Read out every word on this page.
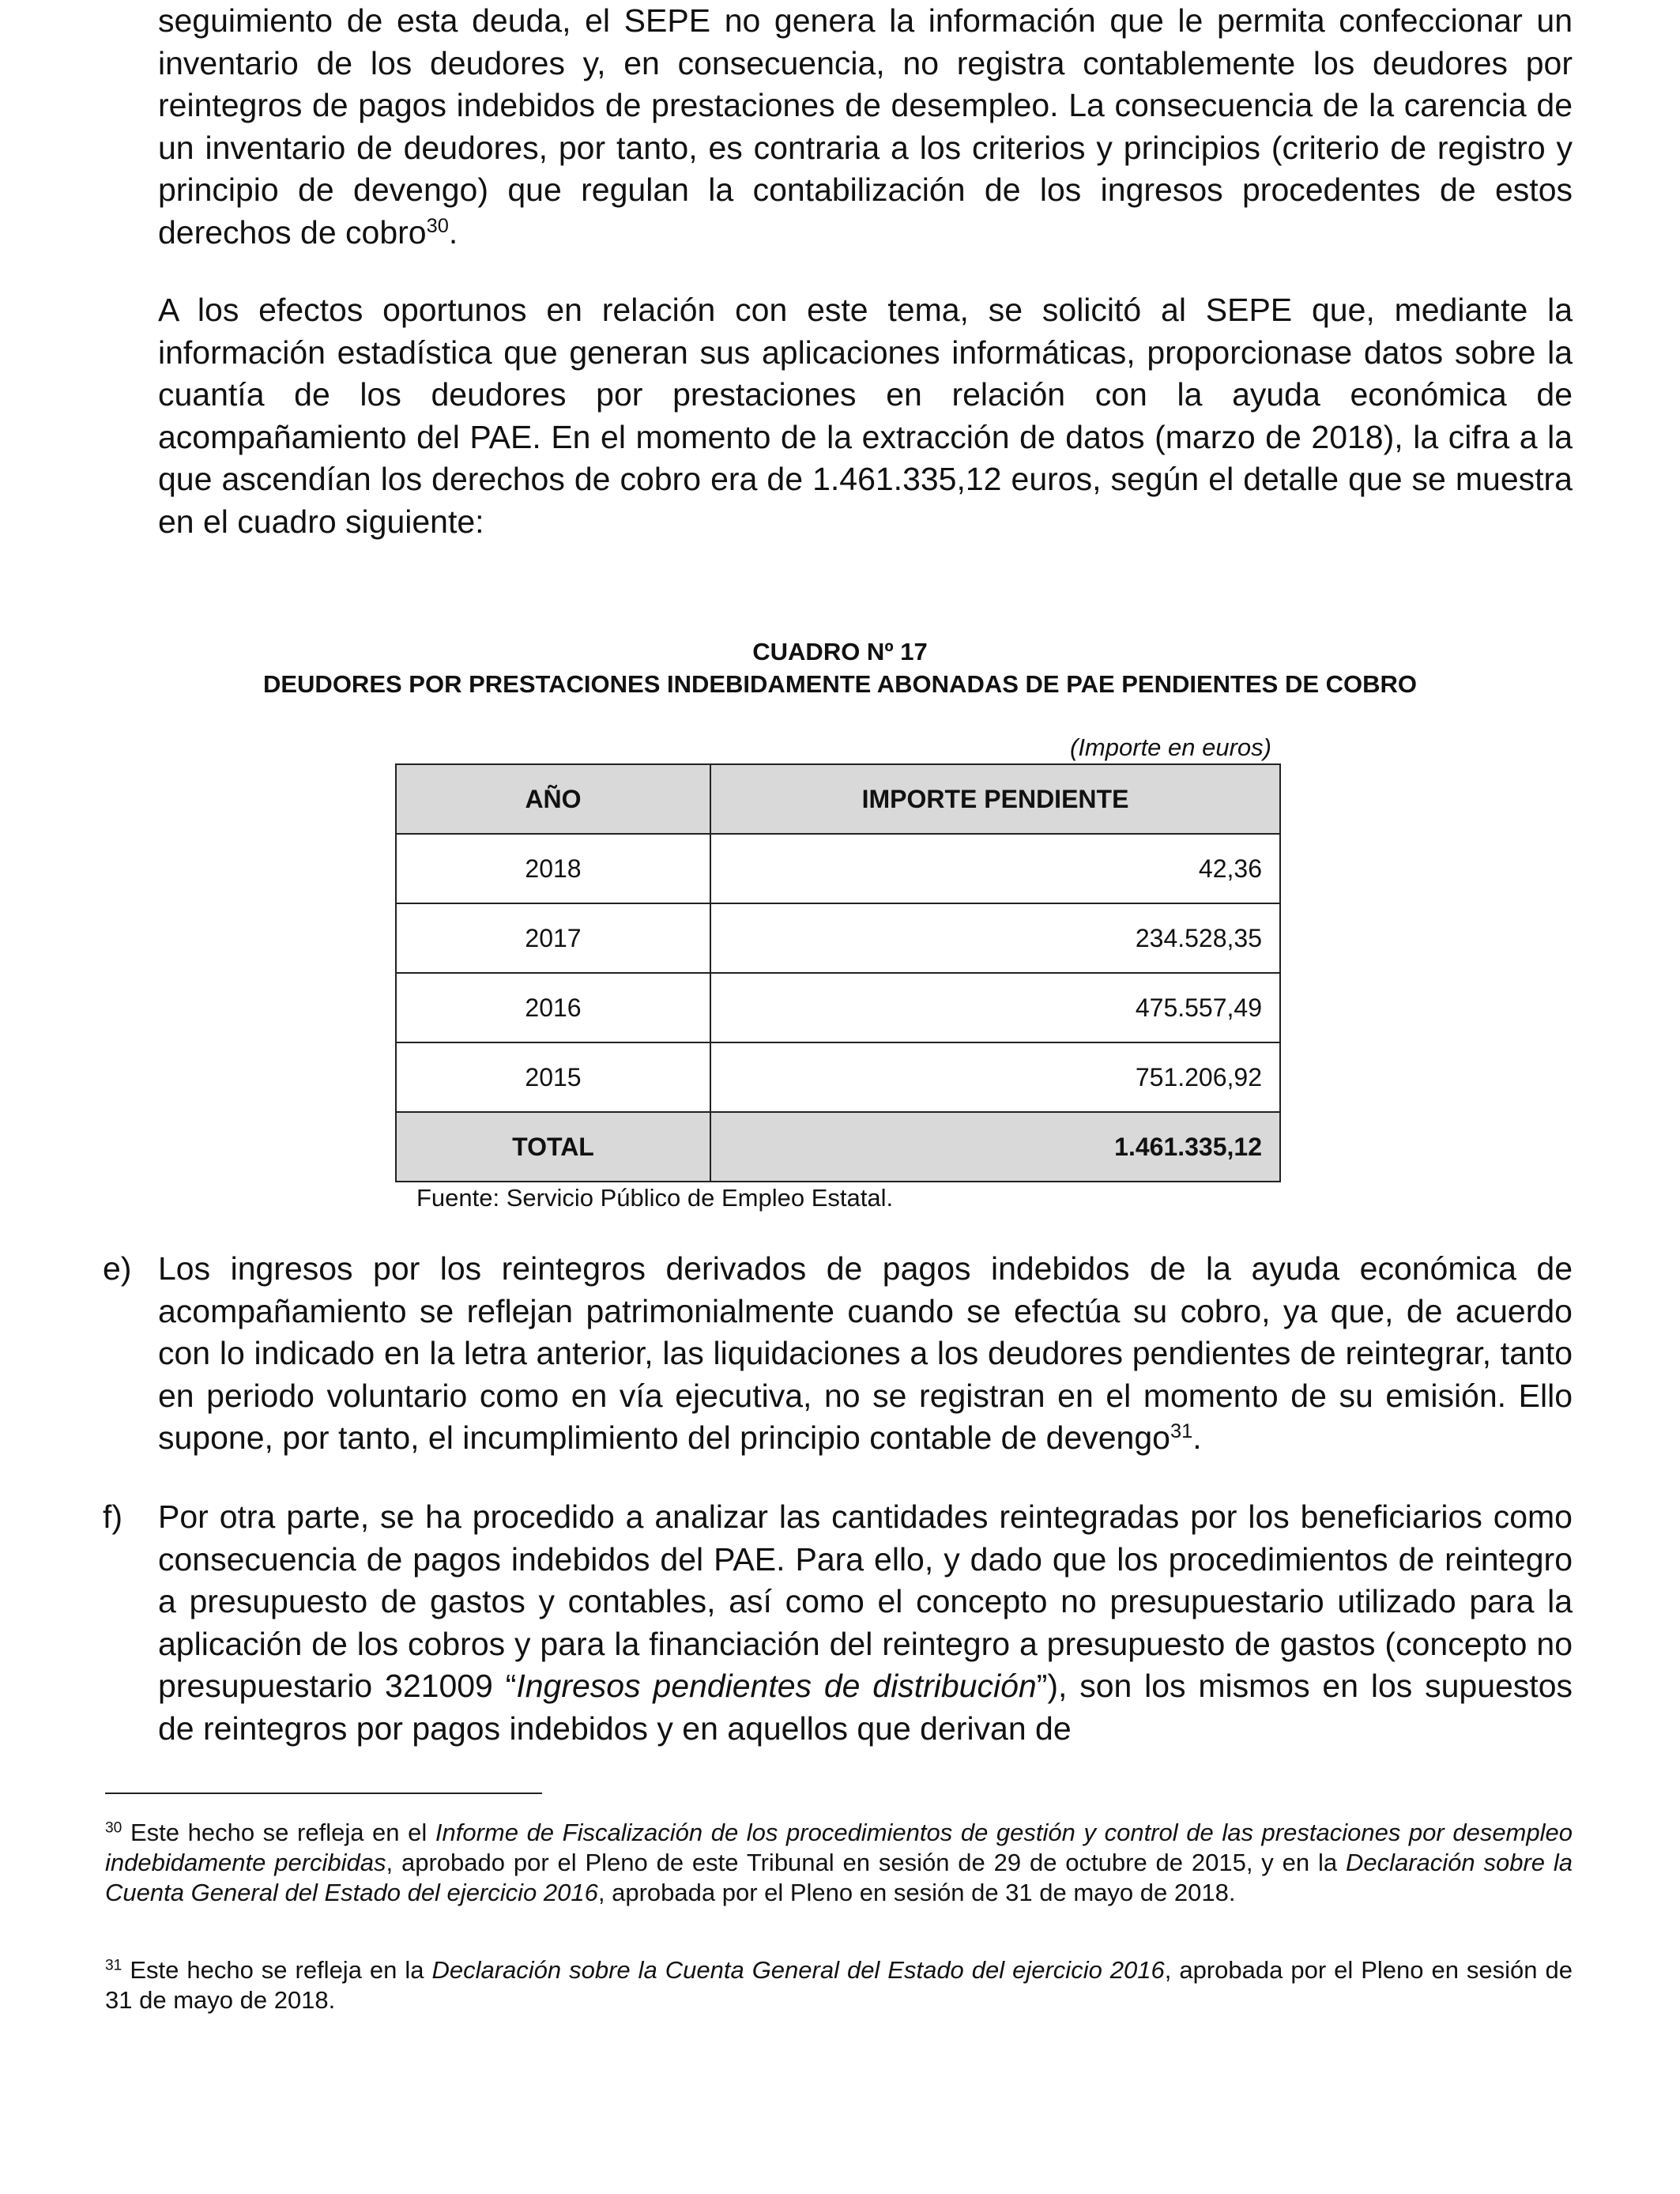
seguimiento de esta deuda, el SEPE no genera la información que le permita confeccionar un inventario de los deudores y, en consecuencia, no registra contablemente los deudores por reintegros de pagos indebidos de prestaciones de desempleo. La consecuencia de la carencia de un inventario de deudores, por tanto, es contraria a los criterios y principios (criterio de registro y principio de devengo) que regulan la contabilización de los ingresos procedentes de estos derechos de cobro$^{30}$.

A los efectos oportunos en relación con este tema, se solicitó al SEPE que, mediante la información estadística que generan sus aplicaciones informáticas, proporcionase datos sobre la cuantía de los deudores por prestaciones en relación con la ayuda económica de acompañamiento del PAE. En el momento de la extracción de datos (marzo de 2018), la cifra a la que ascendían los derechos de cobro era de 1.461.335,12 euros, según el detalle que se muestra en el cuadro siguiente:

CUADRO Nº 17
DEUDORES POR PRESTACIONES INDEBIDAMENTE ABONADAS DE PAE PENDIENTES DE COBRO
(Importe en euros)
AÑO	IMPORTE PENDIENTE
2018	42,36
2017	234.528,35
2016	475.557,49
2015	751.206,92
TOTAL	1.461.335,12
Fuente: Servicio Público de Empleo Estatal.
e) Los ingresos por los reintegros derivados de pagos indebidos de la ayuda económica de acompañamiento se reflejan patrimonialmente cuando se efectúa su cobro, ya que, de acuerdo con lo indicado en la letra anterior, las liquidaciones a los deudores pendientes de reintegrar, tanto en periodo voluntario como en vía ejecutiva, no se registran en el momento de su emisión. Ello supone, por tanto, el incumplimiento del principio contable de devengo$^{31}$.

f) Por otra parte, se ha procedido a analizar las cantidades reintegradas por los beneficiarios como consecuencia de pagos indebidos del PAE. Para ello, y dado que los procedimientos de reintegro a presupuesto de gastos y contables, así como el concepto no presupuestario utilizado para la aplicación de los cobros y para la financiación del reintegro a presupuesto de gastos (concepto no presupuestario 321009 “Ingresos pendientes de distribución”), son los mismos en los supuestos de reintegros por pagos indebidos y en aquellos que derivan de

$^{30}$ Este hecho se refleja en el Informe de Fiscalización de los procedimientos de gestión y control de las prestaciones por desempleo indebidamente percibidas, aprobado por el Pleno de este Tribunal en sesión de 29 de octubre de 2015, y en la Declaración sobre la Cuenta General del Estado del ejercicio 2016, aprobada por el Pleno en sesión de 31 de mayo de 2018.

$^{31}$ Este hecho se refleja en la Declaración sobre la Cuenta General del Estado del ejercicio 2016, aprobada por el Pleno en sesión de 31 de mayo de 2018.
